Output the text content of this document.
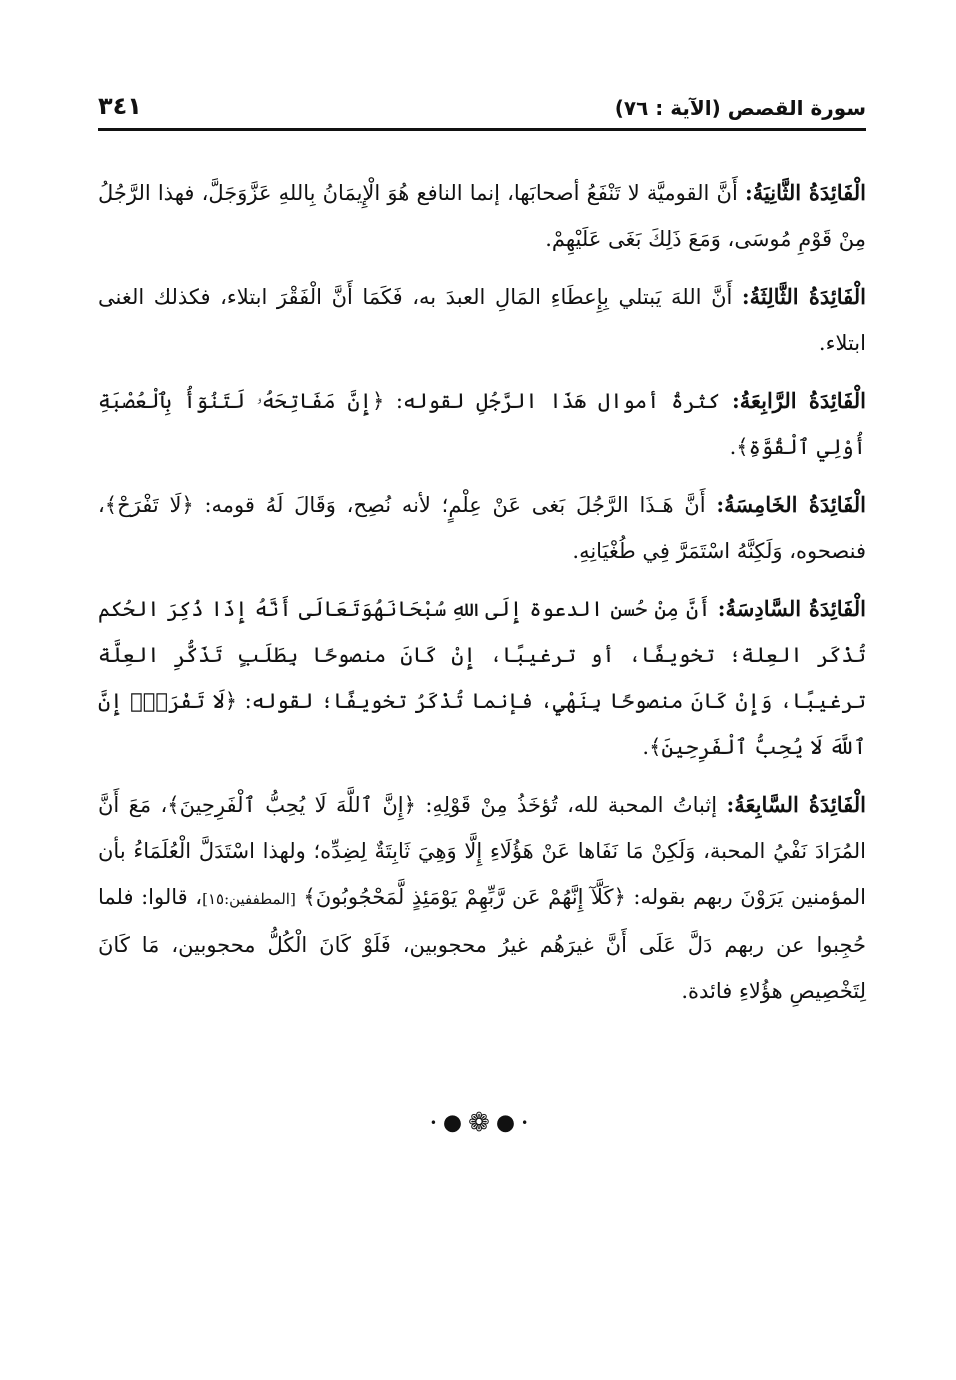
سورة القصص (الآية : ٧٦)
٣٤١

الْفَائِدَةُ الثَّانِيَةُ: أَنَّ القوميَّة لا تَنْفَعُ أصحابَها، إنما النافع هُوَ الْإِيمَانُ بِاللهِ عَزَّوَجَلَّ، فهذا الرَّجُلُ مِنْ قَوْمِ مُوسَى، وَمَعَ ذَلِكَ بَغَى عَلَيْهِمْ.

الْفَائِدَةُ الثَّالِثَةُ: أَنَّ اللهَ يَبتلي بِإِعطَاءِ المَالِ العبدَ به، فَكَمَا أَنَّ الْفَقْرَ ابتلاء، فكذلك الغنى ابتلاء.

الْفَائِدَةُ الرَّابِعَةُ: كثرةُ أموال هَذَا الرَّجُلِ لقوله: ﴿إِنَّ مَفَاتِحَهُۥ لَتَنُوٓأُ بِٱلْعُصْبَةِ أُوْلِي ٱلْقُوَّةِ﴾.

الْفَائِدَةُ الخَامِسَةُ: أَنَّ هَـذَا الرَّجُلَ بَغى عَنْ عِلْمٍ؛ لأنه نُصِح، وَقَالَ لَهُ قومه: ﴿لَا تَفْرَحْ﴾، فنصحوه، وَلَكِنَّهُ اسْتَمَرَّ فِي طُغْيَانِهِ.

الْفَائِدَةُ السَّادِسَةُ: أَنَّ مِنْ حُسن الدعوة إِلَى اللهِ سُبْحَانَهُوَتَعَالَى أَنَّهُ إِذَا ذُكِرَ الحُكم تُذْكَر العِلة؛ تخويفًا، أو ترغيبًا، إِنْ كَانَ منصوحًا بِطَلَبٍ تَذَكُّرِ العِلَّة ترغيبًا، وَإِنْ كَانَ منصوحًا بِنَهْيٍ، فإنما تُذْكَرُ تخويفًا؛ لقوله: ﴿لَا تَفْرَحْۖ إِنَّ ٱللَّهَ لَا يُحِبُّ ٱلْفَرِحِينَ﴾.

الْفَائِدَةُ السَّابِعَةُ: إثباتُ المحبة لله، تُؤخَذُ مِنْ قَوْلِهِ: ﴿إِنَّ ٱللَّهَ لَا يُحِبُّ ٱلْفَرِحِينَ﴾، مَعَ أَنَّ المُرَادَ نَفْيُ المحبة، وَلَكِنْ مَا نَفَاها عَنْ هَؤُلَاءِ إِلَّا وَهِيَ ثَابِتَةٌ لِضِدِّه؛ ولهذا اسْتَدَلَّ الْعُلَمَاءُ بأن المؤمنين يَرَوْنَ ربهم بقوله: ﴿كَلَّآ إِنَّهُمْ عَن رَّبِّهِمْ يَوْمَئِذٍ لَّمَحْجُوبُونَ﴾ [المطففين:١٥]، قالوا: فلما حُجِبوا عن ربهم دَلَّ عَلَى أَنَّ غيرَهُم غيرُ محجوبين، فَلَوْ كَانَ الْكُلُّ محجوبين، مَا كَانَ لِتَخْصِيصِ هؤُلاءِ فائدة.

•●❁●•
